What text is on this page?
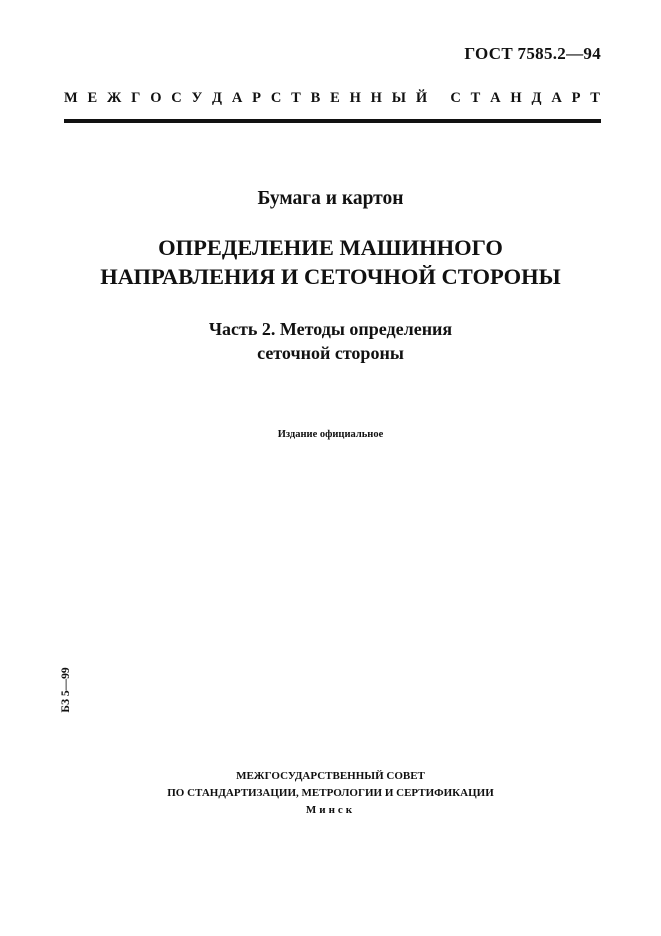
ГОСТ 7585.2—94
М Е Ж Г О С У Д А Р С Т В Е Н Н Ы Й
С Т А Н Д А Р Т
Бумага и картон
ОПРЕДЕЛЕНИЕ МАШИННОГО
НАПРАВЛЕНИЯ И СЕТОЧНОЙ СТОРОНЫ
Часть 2. Методы определения
сеточной стороны
Издание официальное
БЗ 5—99
МЕЖГОСУДАРСТВЕННЫЙ СОВЕТ
ПО СТАНДАРТИЗАЦИИ, МЕТРОЛОГИИ И СЕРТИФИКАЦИИ
Минск
